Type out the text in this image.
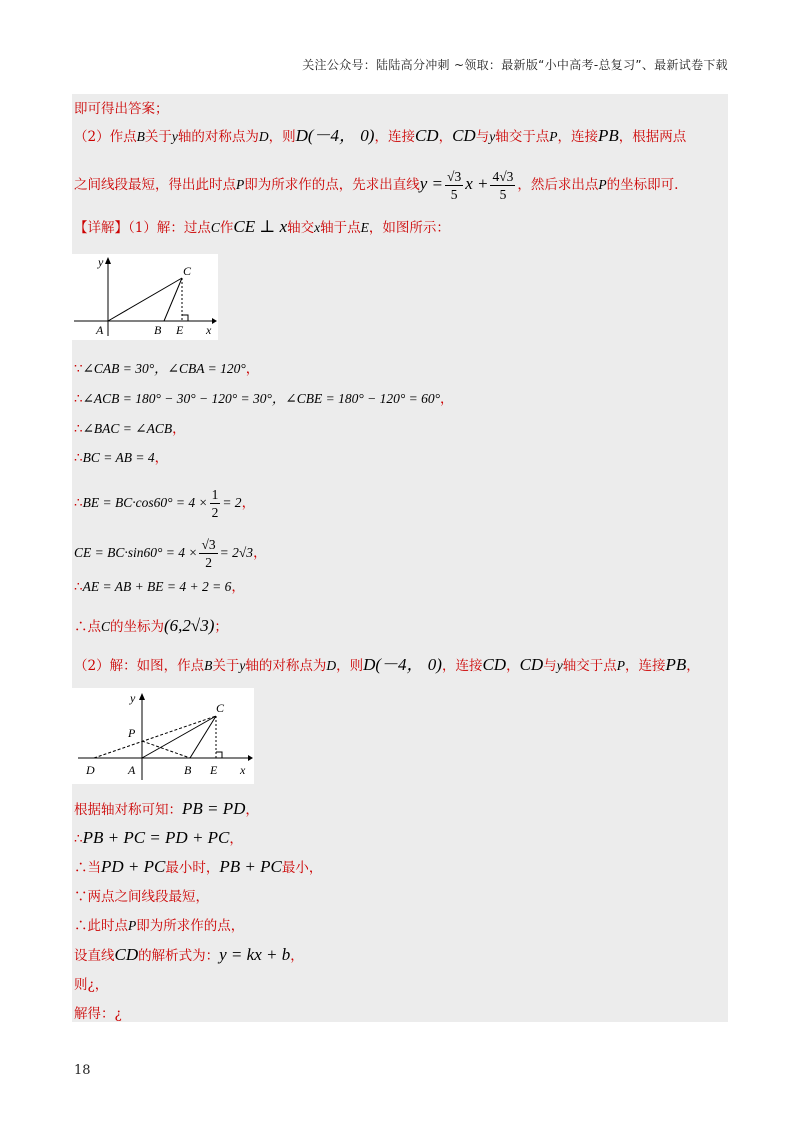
关注公众号：陆陆高分冲刺 ~领取：最新版“小中高考-总复习”、最新试卷下载
即可得出答案；
（2）作点B关于y轴的对称点为D，则D(－4， 0)，连接CD，CD与y轴交于点P，连接PB，根据两点
之间线段最短，得出此时点P即为所求作的点，先求出直线$y = \frac{√3}{5}$ $x + \frac{4√3}{5}$ ，然后求出点P的坐标即可.
【详解】（1）解：过点C作CE ⊥ x轴交x轴于点E，如图所示：
y
C
A	B E x
∵∠CAB = 30°，∠CBA = 120°，
∴∠ACB = 180° − 30° − 120° = 30°，∠CBE = 180° − 120° = 60°，
∴∠BAC = ∠ACB，
∴BC = AB = 4，
∴BE = $BC\cdot\cos 60^\circ = 4 \times \frac{1}{2} = 2$，
CE = $BC\cdot\sin 60^\circ = 4 \times \frac{√3}{2} = 2√3$，
∴AE = AB + BE = 4 + 2 = 6，
∴点C的坐标为(6,2√3)；
（2）解：如图，作点B关于y轴的对称点为D，则D(－4， 0)，连接CD，CD与y轴交于点P，连接PB，
y
C
P
D	A	B E x
根据轴对称可知：PB = PD，
∴PB + PC = PD + PC，
∴当PD + PC最小时，PB + PC最小，
∵两点之间线段最短，
∴此时点P即为所求作的点，
设直线CD的解析式为：y = kx + b，
则¿，
解得：¿
18
